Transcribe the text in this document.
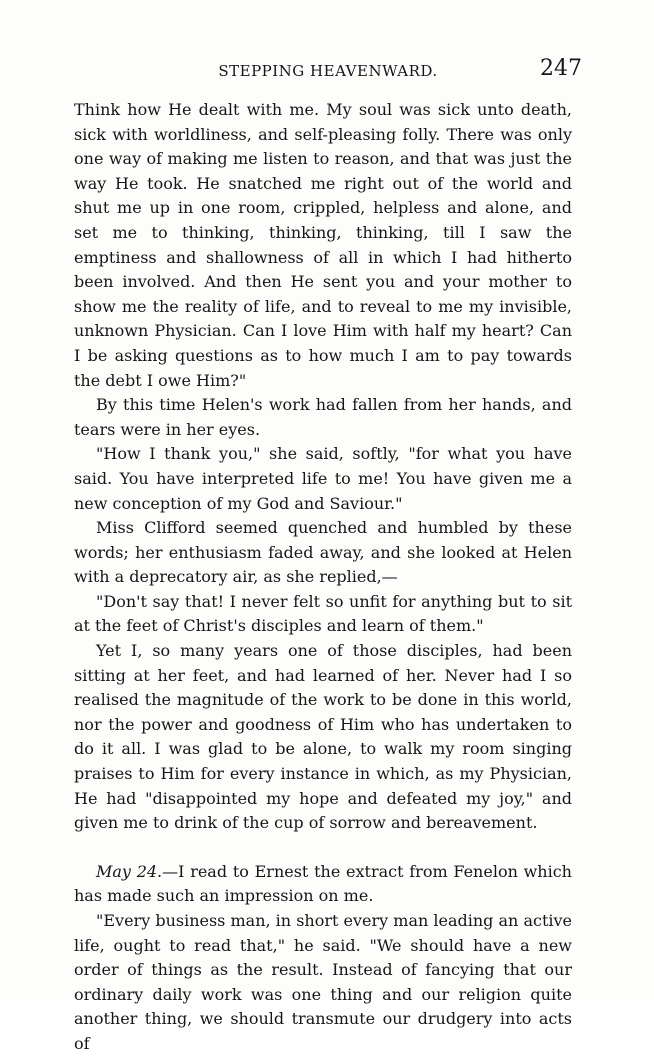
STEPPING HEAVENWARD.	247

Think how He dealt with me. My soul was sick unto death, sick with worldliness, and self-pleasing folly. There was only one way of making me listen to reason, and that was just the way He took. He snatched me right out of the world and shut me up in one room, crippled, helpless and alone, and set me to thinking, thinking, thinking, till I saw the emptiness and shallowness of all in which I had hitherto been involved. And then He sent you and your mother to show me the reality of life, and to reveal to me my invisible, unknown Physician. Can I love Him with half my heart? Can I be asking questions as to how much I am to pay towards the debt I owe Him?"

By this time Helen's work had fallen from her hands, and tears were in her eyes.

"How I thank you," she said, softly, "for what you have said. You have interpreted life to me! You have given me a new conception of my God and Saviour."

Miss Clifford seemed quenched and humbled by these words; her enthusiasm faded away, and she looked at Helen with a deprecatory air, as she replied,—

"Don't say that! I never felt so unfit for anything but to sit at the feet of Christ's disciples and learn of them."

Yet I, so many years one of those disciples, had been sitting at her feet, and had learned of her. Never had I so realised the magnitude of the work to be done in this world, nor the power and goodness of Him who has undertaken to do it all. I was glad to be alone, to walk my room singing praises to Him for every instance in which, as my Physician, He had "disappointed my hope and defeated my joy," and given me to drink of the cup of sorrow and bereavement.

May 24.—I read to Ernest the extract from Fenelon which has made such an impression on me.

"Every business man, in short every man leading an active life, ought to read that," he said. "We should have a new order of things as the result. Instead of fancying that our ordinary daily work was one thing and our religion quite another thing, we should transmute our drudgery into acts of
